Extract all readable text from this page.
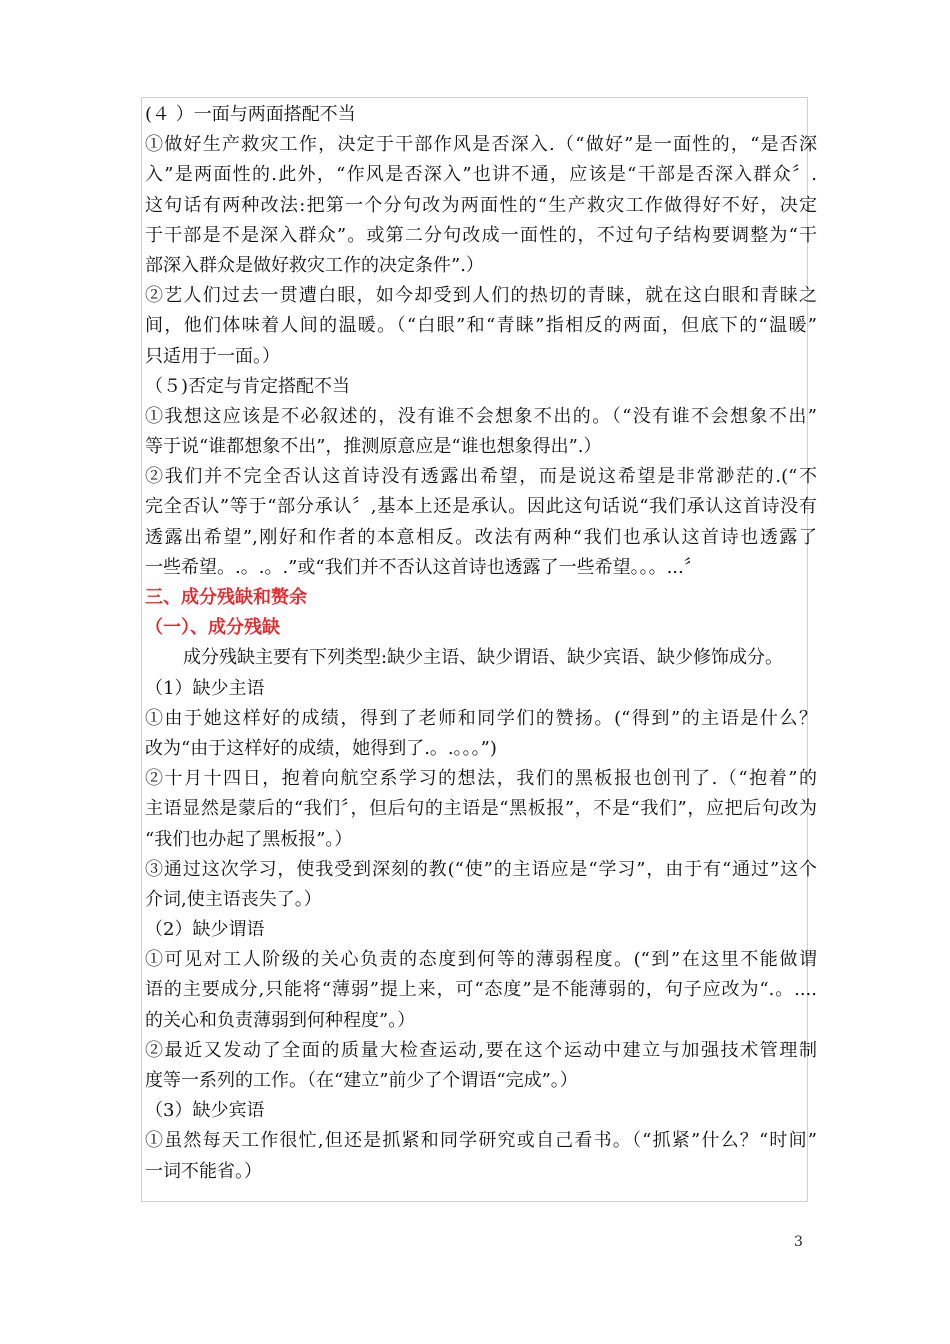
(４ ）一面与两面搭配不当
①做好生产救灾工作，决定于干部作风是否深入.（“做好”是一面性的，“是否深
入”是两面性的.此外，“作风是否深入”也讲不通，应该是“干部是否深入群众〞.
这句话有两种改法:把第一个分句改为两面性的“生产救灾工作做得好不好，决定
于干部是不是深入群众”。或第二分句改成一面性的，不过句子结构要调整为“干
部深入群众是做好救灾工作的决定条件”.）
②艺人们过去一贯遭白眼，如今却受到人们的热切的青睐，就在这白眼和青睐之
间，他们体味着人间的温暖。（“白眼”和“青睐”指相反的两面，但底下的“温暖”
只适用于一面。）
（５)否定与肯定搭配不当
①我想这应该是不必叙述的，没有谁不会想象不出的。（“没有谁不会想象不出”
等于说“谁都想象不出”，推测原意应是“谁也想象得出”.）
②我们并不完全否认这首诗没有透露出希望，而是说这希望是非常渺茫的.(“不
完全否认”等于“部分承认〞,基本上还是承认。因此这句话说“我们承认这首诗没有
透露出希望”,刚好和作者的本意相反。改法有两种“我们也承认这首诗也透露了
一些希望。.。.。.”或“我们并不否认这首诗也透露了一些希望。。。...〞
三、成分残缺和赘余
（一）、成分残缺
成分残缺主要有下列类型:缺少主语、缺少谓语、缺少宾语、缺少修饰成分。
（1）缺少主语
①由于她这样好的成绩，得到了老师和同学们的赞扬。(“得到”的主语是什么？
改为“由于这样好的成绩，她得到了.。.。。。”)
②十月十四日，抱着向航空系学习的想法，我们的黑板报也创刊了.（“抱着”的
主语显然是蒙后的“我们〞，但后句的主语是“黑板报”，不是“我们”，应把后句改为
“我们也办起了黑板报”。）
③通过这次学习，使我受到深刻的教(“使”的主语应是“学习”，由于有“通过”这个
介词,使主语丧失了。）
（2）缺少谓语
①可见对工人阶级的关心负责的态度到何等的薄弱程度。(“到”在这里不能做谓
语的主要成分,只能将“薄弱”提上来，可“态度”是不能薄弱的，句子应改为“.。....
的关心和负责薄弱到何种程度”。）
②最近又发动了全面的质量大检查运动,要在这个运动中建立与加强技术管理制
度等一系列的工作。（在“建立”前少了个谓语“完成”。）
（3）缺少宾语
①虽然每天工作很忙,但还是抓紧和同学研究或自己看书。（“抓紧”什么？“时间”
一词不能省。）
3
